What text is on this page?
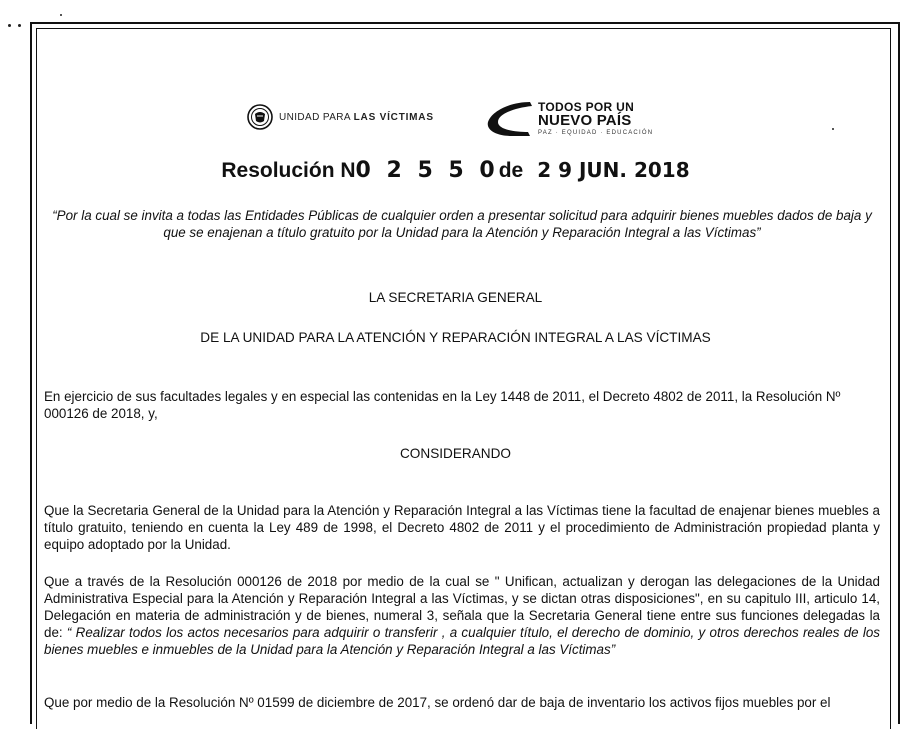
UNIDAD PARA LAS VÍCTIMAS
TODOS POR UN
NUEVO PAÍS
PAZ · EQUIDAD · EDUCACIÓN
Resolución N0 2 5 5 0de 2 9 JUN. 2018
“Por la cual se invita a todas las Entidades Públicas de cualquier orden a presentar solicitud para adquirir bienes muebles dados de baja y que se enajenan a título gratuito por la Unidad para la Atención y Reparación Integral a las Víctimas”
LA SECRETARIA GENERAL
DE LA UNIDAD PARA LA ATENCIÓN Y REPARACIÓN INTEGRAL A LAS VÍCTIMAS
En ejercicio de sus facultades legales y en especial las contenidas en la Ley 1448 de 2011, el Decreto 4802 de 2011, la Resolución Nº 000126 de 2018, y,
CONSIDERANDO
Que la Secretaria General de la Unidad para la Atención y Reparación Integral a las Víctimas tiene la facultad de enajenar bienes muebles a título gratuito, teniendo en cuenta la Ley 489 de 1998, el Decreto 4802 de 2011 y el procedimiento de Administración propiedad planta y equipo adoptado por la Unidad.
Que a través de la Resolución 000126 de 2018 por medio de la cual se " Unifican, actualizan y derogan las delegaciones de la Unidad Administrativa Especial para la Atención y Reparación Integral a las Víctimas, y se dictan otras disposiciones", en su capitulo III, articulo 14, Delegación en materia de administración y de bienes, numeral 3, señala que la Secretaria General tiene entre sus funciones delegadas la de: “ Realizar todos los actos necesarios para adquirir o transferir , a cualquier título, el derecho de dominio, y otros derechos reales de los bienes muebles e inmuebles de la Unidad para la Atención y Reparación Integral a las Víctimas”
Que por medio de la Resolución Nº 01599 de diciembre de 2017, se ordenó dar de baja de inventario los activos fijos muebles por el
